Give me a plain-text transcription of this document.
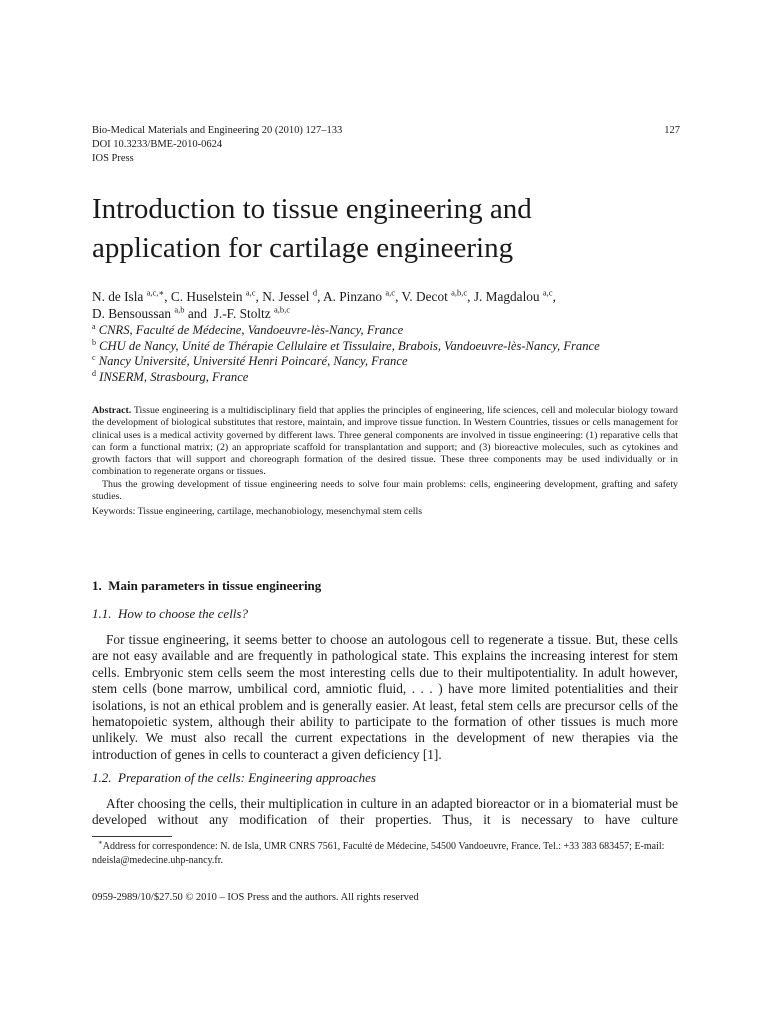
Bio-Medical Materials and Engineering 20 (2010) 127–133
DOI 10.3233/BME-2010-0624
IOS Press
127
Introduction to tissue engineering and
application for cartilage engineering
N. de Isla $^{a,c,∗}$, C. Huselstein $^{a,c}$, N. Jessel $^d$, A. Pinzano $^{a,c}$, V. Decot $^{a,b,c}$, J. Magdalou $^{a,c}$,
D. Bensoussan $^{a,b}$ and  J.-F. Stoltz $^{a,b,c}$
$^a$ CNRS, Faculté de Médecine, Vandoeuvre-lès-Nancy, France
$^b$ CHU de Nancy, Unité de Thérapie Cellulaire et Tissulaire, Brabois, Vandoeuvre-lès-Nancy, France
$^c$ Nancy Université, Université Henri Poincaré, Nancy, France
$^d$ INSERM, Strasbourg, France

Abstract. Tissue engineering is a multidisciplinary field that applies the principles of engineering, life sciences, cell and molecular biology toward the development of biological substitutes that restore, maintain, and improve tissue function. In Western Countries, tissues or cells management for clinical uses is a medical activity governed by different laws. Three general components are involved in tissue engineering: (1) reparative cells that can form a functional matrix; (2) an appropriate scaffold for transplantation and support; and (3) bioreactive molecules, such as cytokines and growth factors that will support and choreograph formation of the desired tissue. These three components may be used individually or in combination to regenerate organs or tissues.

Thus the growing development of tissue engineering needs to solve four main problems: cells, engineering development, grafting and safety studies.

Keywords: Tissue engineering, cartilage, mechanobiology, mesenchymal stem cells

1.  Main parameters in tissue engineering
1.1.  How to choose the cells?

For tissue engineering, it seems better to choose an autologous cell to regenerate a tissue. But, these cells are not easy available and are frequently in pathological state. This explains the increasing interest for stem cells. Embryonic stem cells seem the most interesting cells due to their multipotentiality. In adult however, stem cells (bone marrow, umbilical cord, amniotic fluid, . . . ) have more limited potentialities and their isolations, is not an ethical problem and is generally easier. At least, fetal stem cells are precursor cells of the hematopoietic system, although their ability to participate to the formation of other tissues is much more unlikely. We must also recall the current expectations in the development of new therapies via the introduction of genes in cells to counteract a given deficiency [1].

1.2.  Preparation of the cells: Engineering approaches

After choosing the cells, their multiplication in culture in an adapted bioreactor or in a biomaterial must be developed without any modification of their properties. Thus, it is necessary to have culture

∗Address for correspondence: N. de Isla, UMR CNRS 7561, Faculté de Médecine, 54500 Vandoeuvre, France. Tel.: +33 383 683457; E-mail: ndeisla@medecine.uhp-nancy.fr.
0959-2989/10/$27.50 © 2010 – IOS Press and the authors. All rights reserved
